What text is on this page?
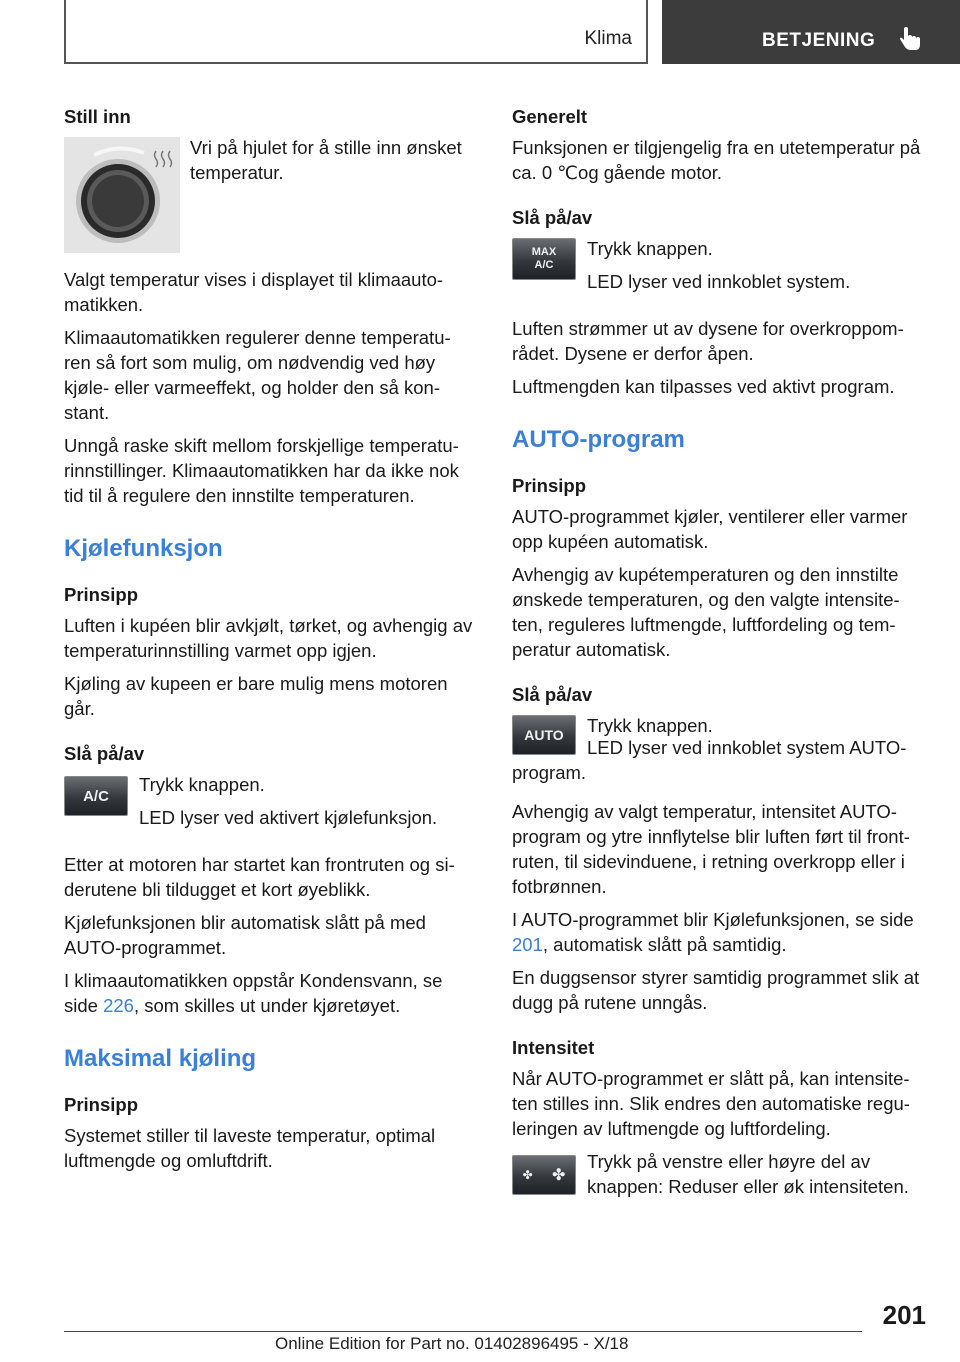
Klima	BETJENING
Still inn

Vri på hjulet for å stille inn ønsket temperatur.

Valgt temperatur vises i displayet til klimaauto-matikken.

Klimaautomatikken regulerer denne temperatu-ren så fort som mulig, om nødvendig ved høy kjøle- eller varmeeffekt, og holder den så kon-stant.

Unngå raske skift mellom forskjellige temperatu-rinnstillinger. Klimaautomatikken har da ikke nok tid til å regulere den innstilte temperaturen.

Kjølefunksjon
Prinsipp

Luften i kupéen blir avkjølt, tørket, og avhengig av temperaturinnstilling varmet opp igjen.

Kjøling av kupeen er bare mulig mens motoren går.

Slå på/av
A/C

Trykk knappen.

LED lyser ved aktivert kjølefunksjon.

Etter at motoren har startet kan frontruten og si-derutene bli tildugget et kort øyeblikk.

Kjølefunksjonen blir automatisk slått på med AUTO-programmet.

I klimaautomatikken oppstår Kondensvann, se side 226, som skilles ut under kjøretøyet.

Maksimal kjøling
Prinsipp

Systemet stiller til laveste temperatur, optimal luftmengde og omluftdrift.

Generelt

Funksjonen er tilgjengelig fra en utetemperatur på ca. 0 ℃og gående motor.

Slå på/av
MAX
A/C

Trykk knappen.

LED lyser ved innkoblet system.

Luften strømmer ut av dysene for overkroppom-rådet. Dysene er derfor åpen.

Luftmengden kan tilpasses ved aktivt program.

AUTO-program
Prinsipp

AUTO-programmet kjøler, ventilerer eller varmer opp kupéen automatisk.

Avhengig av kupétemperaturen og den innstilte ønskede temperaturen, og den valgte intensite-ten, reguleres luftmengde, luftfordeling og tem-peratur automatisk.

Slå på/av
AUTO	Trykk knappen.

LED lyser ved innkoblet system AUTO-program.

Avhengig av valgt temperatur, intensitet AUTO-program og ytre innflytelse blir luften ført til front-ruten, til sidevinduene, i retning overkropp eller i fotbrønnen.

I AUTO-programmet blir Kjølefunksjonen, se side 201, automatisk slått på samtidig.

En duggsensor styrer samtidig programmet slik at dugg på rutene unngås.

Intensitet

Når AUTO-programmet er slått på, kan intensite-ten stilles inn. Slik endres den automatiske regu-leringen av luftmengde og luftfordeling.

✤ ✤

Trykk på venstre eller høyre del av knappen: Reduser eller øk intensiteten.

201
Online Edition for Part no. 01402896495 - X/18
